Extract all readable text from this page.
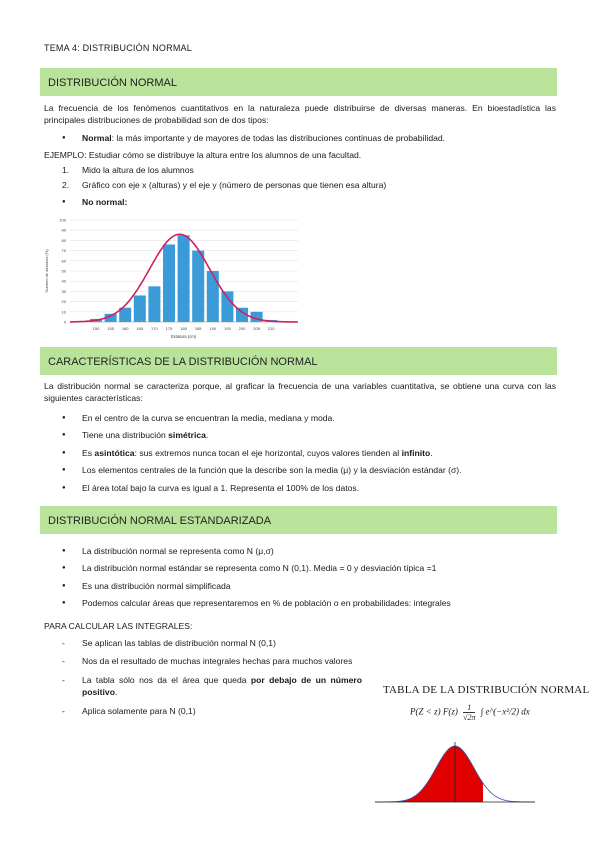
TEMA 4: DISTRIBUCIÓN NORMAL
DISTRIBUCIÓN NORMAL
La frecuencia de los fenómenos cuantitativos en la naturaleza puede distribuirse de diversas maneras. En bioestadística las principales distribuciones de probabilidad son de dos tipos:
● Normal: la más importante y de mayores de todas las distribuciones continuas de probabilidad.
EJEMPLO: Estudiar cómo se distribuye la altura entre los alumnos de una facultad.
1. Mido la altura de los alumnos
2. Gráfico con eje x (alturas) y el eje y (número de personas que tienen esa altura)
● No normal:
0
10
20
30
40
50
60
70
80
90
100
150 155 160 165 170 175 180 185 190 195 200 205 210
Estatura (cm)
Número de alumnos (%)
CARACTERÍSTICAS DE LA DISTRIBUCIÓN NORMAL
La distribución normal se caracteriza porque, al graficar la frecuencia de una variables cuantitativa, se obtiene una curva con las siguientes características:
● En el centro de la curva se encuentran la media, mediana y moda.
● Tiene una distribución simétrica.
● Es asintótica: sus extremos nunca tocan el eje horizontal, cuyos valores tienden al infinito.
● Los elementos centrales de la función que la describe son la media (μ) y la desviación estándar (σ).
● El área total bajo la curva es igual a 1. Representa el 100% de los datos.
DISTRIBUCIÓN NORMAL ESTANDARIZADA
● La distribución normal se representa como N (μ,σ)
● La distribución normal estándar se representa como N (0,1). Media = 0 y desviación típica =1
● Es una distribución normal simplificada
● Podemos calcular áreas que representaremos en % de población o en probabilidades: integrales
PARA CALCULAR LAS INTEGRALES:
- Se aplican las tablas de distribución normal N (0,1)
- Nos da el resultado de muchas integrales hechas para muchos valores
- La tabla sólo nos da el área que queda por debajo de un número positivo.
- Aplica solamente para N (0,1)
TABLA DE LA DISTRIBUCIÓN NORMAL
P(Z < z) $F(z) \frac{1}{√2\pi}$ ∫ e^(−x²/2) dx
